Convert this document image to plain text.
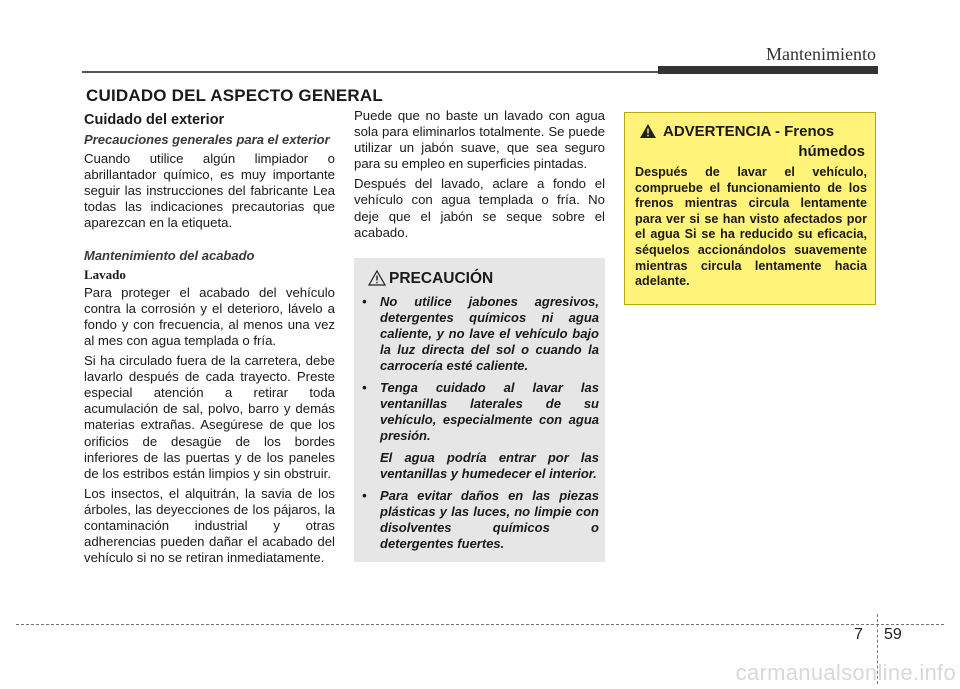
Mantenimiento
CUIDADO DEL ASPECTO GENERAL
Cuidado del exterior
Precauciones generales para el exterior

Cuando utilice algún limpiador o abrillantador químico, es muy importante seguir las instrucciones del fabricante Lea todas las indicaciones precautorias que aparezcan en la etiqueta.

Mantenimiento del acabado
Lavado

Para proteger el acabado del vehículo contra la corrosión y el deterioro, lávelo a fondo y con frecuencia, al menos una vez al mes con agua templada o fría.

Si ha circulado fuera de la carretera, debe lavarlo después de cada trayecto. Preste especial atención a retirar toda acumulación de sal, polvo, barro y demás materias extrañas. Asegúrese de que los orificios de desagüe de los bordes inferiores de las puertas y de los paneles de los estribos están limpios y sin obstruir.

Los insectos, el alquitrán, la savia de los árboles, las deyecciones de los pájaros, la contaminación industrial y otras adherencias pueden dañar el acabado del vehículo si no se retiran inmediatamente.

Puede que no baste un lavado con agua sola para eliminarlos totalmente. Se puede utilizar un jabón suave, que sea seguro para su empleo en superficies pintadas.

Después del lavado, aclare a fondo el vehículo con agua templada o fría. No deje que el jabón se seque sobre el acabado.

PRECAUCIÓN
• No utilice jabones agresivos, detergentes químicos ni agua caliente, y no lave el vehículo bajo la luz directa del sol o cuando la carrocería esté caliente.
• Tenga cuidado al lavar las ventanillas laterales de su vehículo, especialmente con agua presión.
El agua podría entrar por las ventanillas y humedecer el interior.
• Para evitar daños en las piezas plásticas y las luces, no limpie con disolventes químicos o detergentes fuertes.
ADVERTENCIA - Frenos
húmedos

Después de lavar el vehículo, compruebe el funcionamiento de los frenos mientras circula lentamente para ver si se han visto afectados por el agua Si se ha reducido su eficacia, séquelos accionándolos suavemente mientras circula lentamente hacia adelante.

7 59
carmanualsonline.info
